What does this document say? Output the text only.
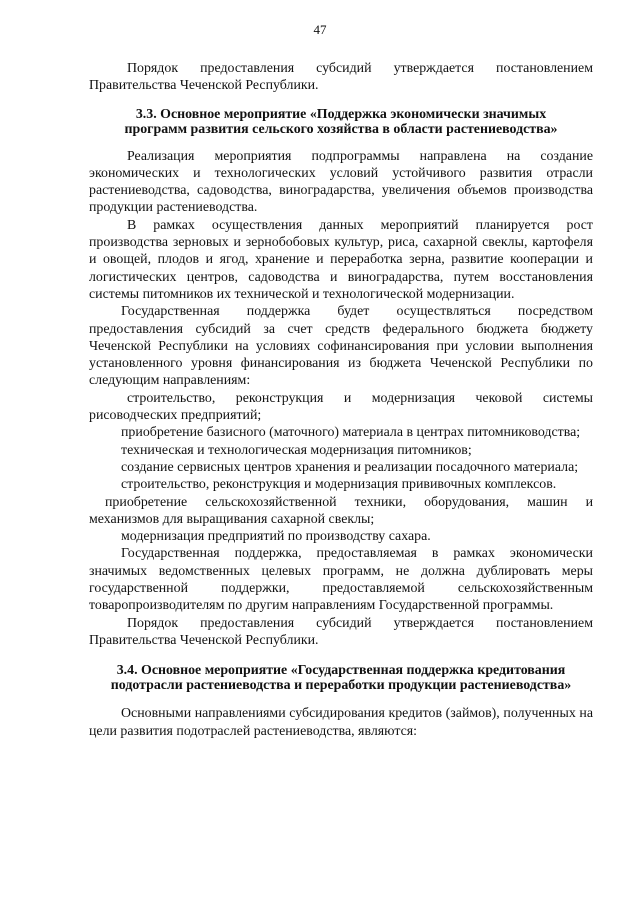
47

Порядок предоставления субсидий утверждается постановлением Правительства Чеченской Республики.

3.3. Основное мероприятие «Поддержка экономически значимых
программ развития сельского хозяйства в области растениеводства»

Реализация мероприятия подпрограммы направлена на создание экономических и технологических условий устойчивого развития отрасли растениеводства, садоводства, виноградарства, увеличения объемов производства продукции растениеводства.

В рамках осуществления данных мероприятий планируется рост производства зерновых и зернобобовых культур, риса, сахарной свеклы, картофеля и овощей, плодов и ягод, хранение и переработка зерна, развитие кооперации и логистических центров, садоводства и виноградарства, путем восстановления системы питомников их технической и технологической модернизации.

Государственная поддержка будет осуществляться посредством предоставления субсидий за счет средств федерального бюджета бюджету Чеченской Республики на условиях софинансирования при условии выполнения установленного уровня финансирования из бюджета Чеченской Республики по следующим направлениям:

строительство, реконструкция и модернизация чековой системы рисоводческих предприятий;

приобретение базисного (маточного) материала в центрах питомниководства;

техническая и технологическая модернизация питомников;

создание сервисных центров хранения и реализации посадочного материала;

строительство, реконструкция и модернизация прививочных комплексов.

приобретение сельскохозяйственной техники, оборудования, машин и механизмов для выращивания сахарной свеклы;

модернизация предприятий по производству сахара.

Государственная поддержка, предоставляемая в рамках экономически значимых ведомственных целевых программ, не должна дублировать меры государственной поддержки, предоставляемой сельскохозяйственным товаропроизводителям по другим направлениям Государственной программы.

Порядок предоставления субсидий утверждается постановлением Правительства Чеченской Республики.

3.4. Основное мероприятие «Государственная поддержка кредитования
подотрасли растениеводства и переработки продукции растениеводства»

Основными направлениями субсидирования кредитов (займов), полученных на цели развития подотраслей растениеводства, являются:
